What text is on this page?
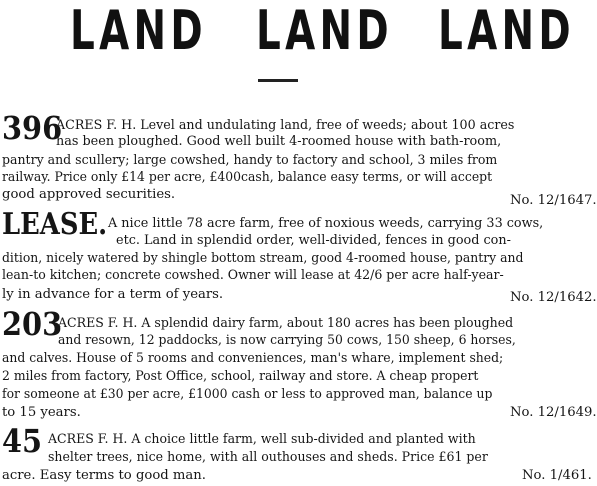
LAND LAND LAND
396
ACRES F. H. Level and undulating land, free of weeds; about 100 acres
has been ploughed. Good well built 4-roomed house with bath-room,
pantry and scullery; large cowshed, handy to factory and school, 3 miles from
railway. Price only £14 per acre, £400cash, balance easy terms, or will accept
good approved securities.	No. 12/1647.
LEASE. A nice little 78 acre farm, free of noxious weeds, carrying 33 cows,
etc. Land in splendid order, well-divided, fences in good con-
dition, nicely watered by shingle bottom stream, good 4-roomed house, pantry and
lean-to kitchen; concrete cowshed. Owner will lease at 42/6 per acre half-year-
ly in advance for a term of years.	No. 12/1642.
203
ACRES F. H. A splendid dairy farm, about 180 acres has been ploughed
and resown, 12 paddocks, is now carrying 50 cows, 150 sheep, 6 horses,
and calves. House of 5 rooms and conveniences, man's whare, implement shed;
2 miles from factory, Post Office, school, railway and store. A cheap propert
for someone at £30 per acre, £1000 cash or less to approved man, balance up
to 15 years.	No. 12/1649.
45 ACRES F. H. A choice little farm, well sub-divided and planted with
shelter trees, nice home, with all outhouses and sheds. Price £61 per
acre. Easy terms to good man.	No. 1/461.
